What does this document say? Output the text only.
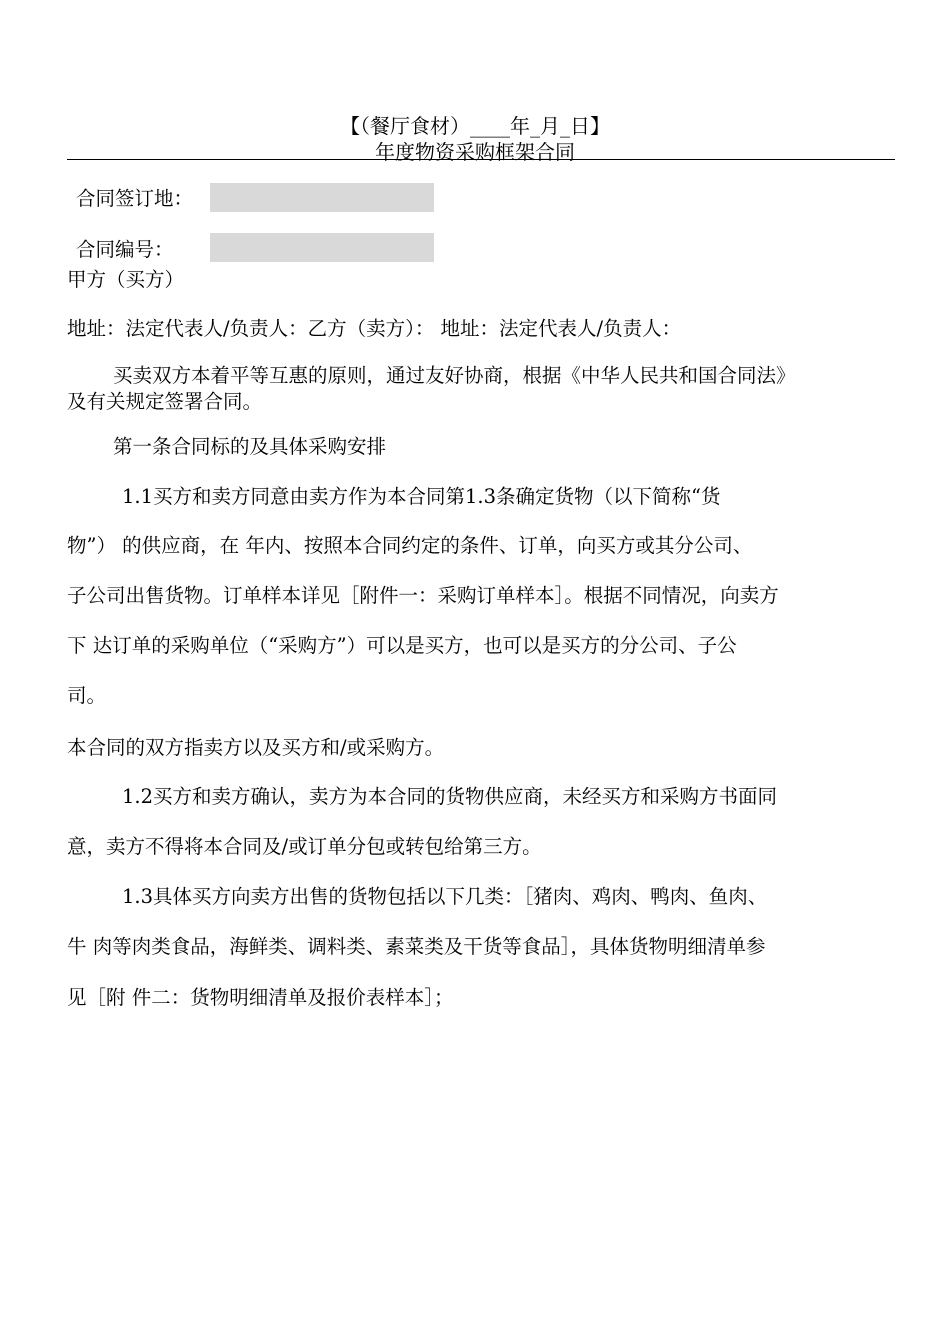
【（餐厅食材）____年_月_日】
年度物资采购框架合同
合同签订地：
合同编号：
甲方（买方）
地址：法定代表人/负责人：乙方（卖方）： 地址：法定代表人/负责人：
买卖双方本着平等互惠的原则，通过友好协商，根据《中华人民共和国合同法》
及有关规定签署合同。
第一条合同标的及具体采购安排
1.1买方和卖方同意由卖方作为本合同第1.3条确定货物（以下简称“货
物”） 的供应商，在 年内、按照本合同约定的条件、订单，向买方或其分公司、
子公司出售货物。订单样本详见［附件一：采购订单样本］。根据不同情况，向卖方
下 达订单的采购单位（“采购方”）可以是买方，也可以是买方的分公司、子公
司。
本合同的双方指卖方以及买方和/或采购方。
1.2买方和卖方确认，卖方为本合同的货物供应商，未经买方和采购方书面同
意，卖方不得将本合同及/或订单分包或转包给第三方。
1.3具体买方向卖方出售的货物包括以下几类：［猪肉、鸡肉、鸭肉、鱼肉、
牛 肉等肉类食品，海鲜类、调料类、素菜类及干货等食品］，具体货物明细清单参
见［附 件二：货物明细清单及报价表样本］；
